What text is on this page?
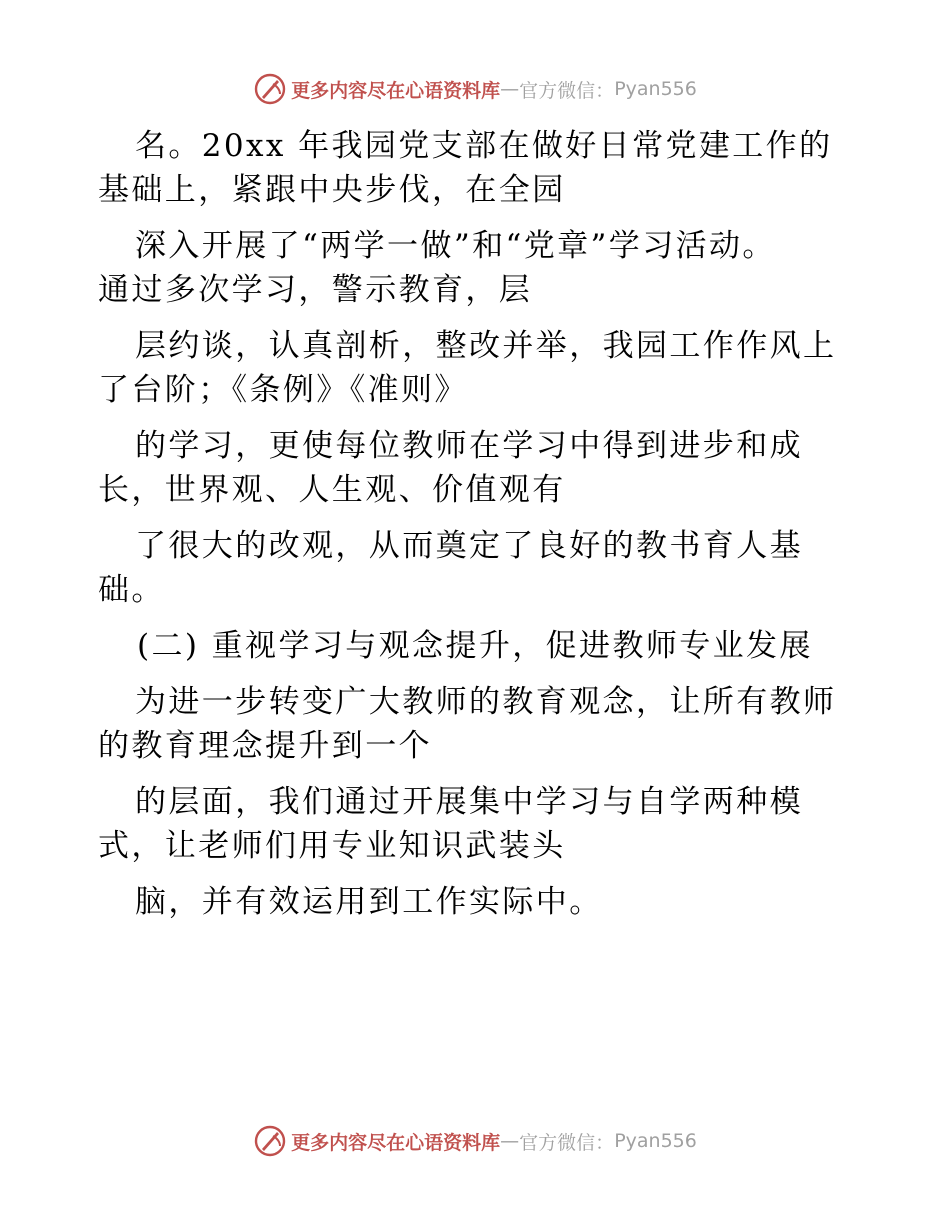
更多内容尽在心语资料库 — 官方微信： Pyan556
名。20xx 年我园党支部在做好日常党建工作的
基础上，紧跟中央步伐，在全园
深入开展了“两学一做”和“党章”学习活动。
通过多次学习，警示教育，层
层约谈，认真剖析，整改并举，我园工作作风上
了台阶；《条例》《准则》
的学习，更使每位教师在学习中得到进步和成
长，世界观、人生观、价值观有
了很大的改观，从而奠定了良好的教书育人基
础。
(二) 重视学习与观念提升，促进教师专业发展
为进一步转变广大教师的教育观念，让所有教师
的教育理念提升到一个
的层面，我们通过开展集中学习与自学两种模
式，让老师们用专业知识武装头
脑，并有效运用到工作实际中。
更多内容尽在心语资料库 — 官方微信： Pyan556
